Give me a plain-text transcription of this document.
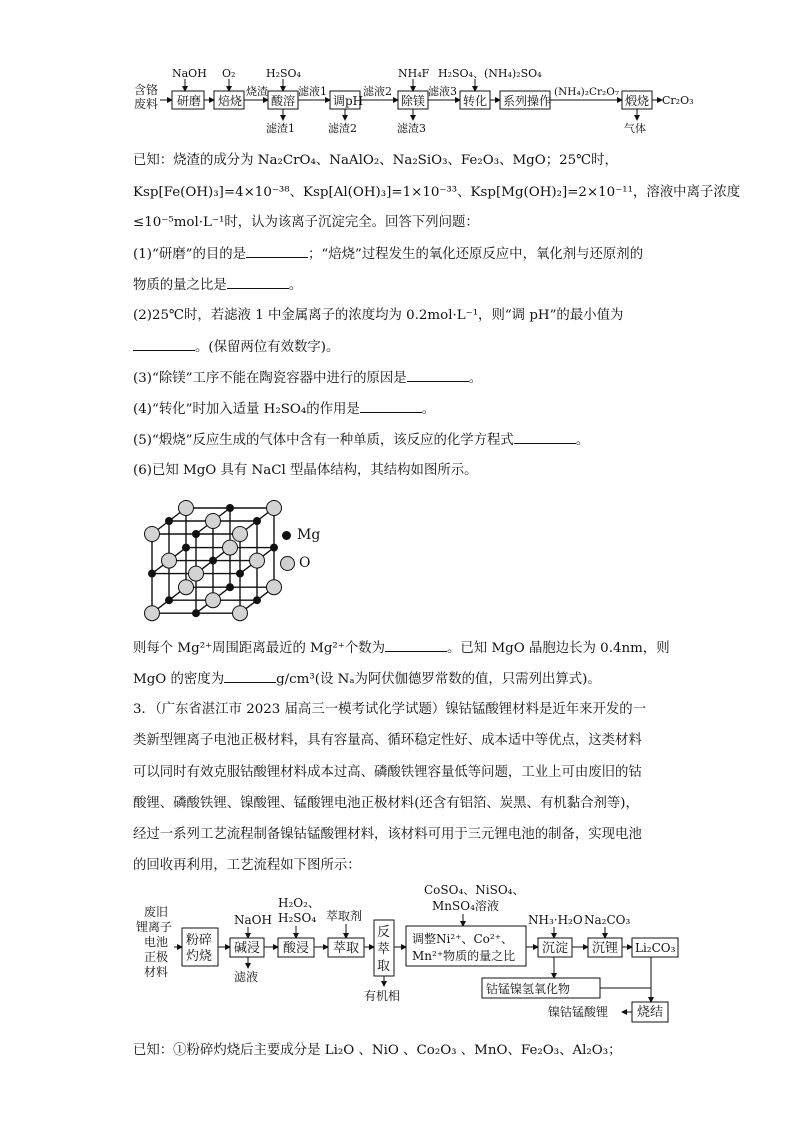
含铬
废料 研磨 焙烧
烧渣
酸溶
滤液1
调pH
滤液2
除镁
滤液3
转化 系列操作
(NH₄)₂Cr₂O₇
煅烧 Cr₂O₃
NaOH O₂	H₂SO₄	NH₄F H₂SO₄、(NH₄)₂SO₄
滤渣1	滤渣2	滤渣3	气体
已知：烧渣的成分为 Na₂CrO₄、NaAlO₂、Na₂SiO₃、Fe₂O₃、MgO；25℃时，
Ksp[Fe(OH)₃]=4×10⁻³⁸、Ksp[Al(OH)₃]=1×10⁻³³、Ksp[Mg(OH)₂]=2×10⁻¹¹，溶液中离子浓度
≤10⁻⁵mol·L⁻¹时，认为该离子沉淀完全。回答下列问题：
(1)“研磨”的目的是	；“焙烧”过程发生的氧化还原反应中，氧化剂与还原剂的
物质的量之比是	。
(2)25℃时，若滤液 1 中金属离子的浓度均为 0.2mol·L⁻¹，则“调 pH”的最小值为
。(保留两位有效数字)。
(3)“除镁”工序不能在陶瓷容器中进行的原因是	。
(4)“转化”时加入适量 H₂SO₄的作用是	。
(5)“煅烧”反应生成的气体中含有一种单质，该反应的化学方程式	。
(6)已知 MgO 具有 NaCl 型晶体结构，其结构如图所示。
Mg
O
则每个 Mg²⁺周围距离最近的 Mg²⁺个数为	。已知 MgO 晶胞边长为 0.4nm，则
MgO 的密度为	g/cm³(设 Nₐ为阿伏伽德罗常数的值，只需列出算式)。
3．（广东省湛江市 2023 届高三一模考试化学试题）镍钴锰酸锂材料是近年来开发的一
类新型锂离子电池正极材料，具有容量高、循环稳定性好、成本适中等优点，这类材料
可以同时有效克服钴酸锂材料成本过高、磷酸铁锂容量低等问题，工业上可由废旧的钴
酸锂、磷酸铁锂、镍酸锂、锰酸锂电池正极材料(还含有铝箔、炭黑、有机黏合剂等)，
经过一系列工艺流程制备镍钴锰酸锂材料，该材料可用于三元锂电池的制备，实现电池
的回收再利用，工艺流程如下图所示：
废旧
锂离子
电池
正极
材料
粉碎
灼烧
NaOH
碱浸
滤液
H₂O₂、
H₂SO₄
酸浸
萃取剂
萃取
反
萃
取
有机相
CoSO₄、NiSO₄、
MnSO₄溶液
调整Ni²⁺、Co²⁺、
Mn²⁺物质的量之比
NH₃·H₂O
沉淀
Na₂CO₃
沉锂 Li₂CO₃
钴锰镍氢氧化物
烧结
镍钴锰酸锂
已知：①粉碎灼烧后主要成分是 Li₂O 、NiO 、Co₂O₃ 、MnO、Fe₂O₃、Al₂O₃；
